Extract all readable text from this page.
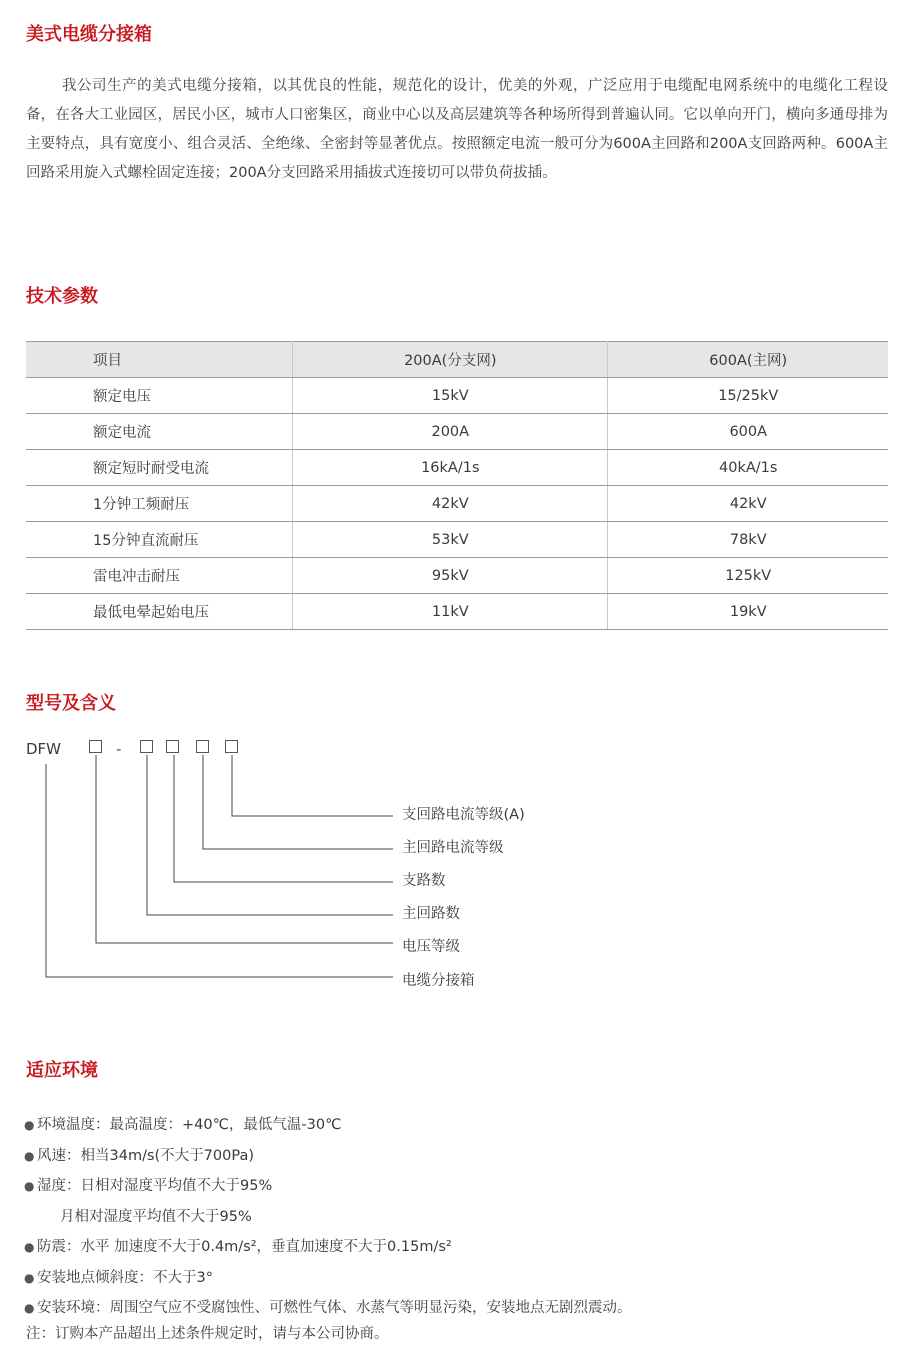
美式电缆分接箱

我公司生产的美式电缆分接箱，以其优良的性能，规范化的设计，优美的外观，广泛应用于电缆配电网系统中的电缆化工程设备，在各大工业园区，居民小区，城市人口密集区，商业中心以及高层建筑等各种场所得到普遍认同。它以单向开门，横向多通母排为主要特点，具有宽度小、组合灵活、全绝缘、全密封等显著优点。按照额定电流一般可分为600A主回路和200A支回路两种。600A主回路采用旋入式螺栓固定连接；200A分支回路采用插拔式连接切可以带负荷拔插。

技术参数
项目	200A(分支网)	600A(主网)
额定电压	15kV	15/25kV
额定电流	200A	600A
额定短时耐受电流	16kA/1s	40kA/1s
1分钟工频耐压	42kV	42kV
15分钟直流耐压	53kV	78kV
雷电冲击耐压	95kV	125kV
最低电晕起始电压	11kV	19kV
型号及含义
DFW	-

支回路电流等级(A)

主回路电流等级

支路数

主回路数

电压等级

电缆分接箱

适应环境
● 环境温度：最高温度：+40℃，最低气温-30℃
● 风速：相当34m/s(不大于700Pa)
● 湿度：日相对湿度平均值不大于95%
月相对湿度平均值不大于95%
● 防震：水平 加速度不大于0.4m/s²，垂直加速度不大于0.15m/s²
● 安装地点倾斜度：不大于3°
● 安装环境：周围空气应不受腐蚀性、可燃性气体、水蒸气等明显污染，安装地点无剧烈震动。

注：订购本产品超出上述条件规定时，请与本公司协商。
